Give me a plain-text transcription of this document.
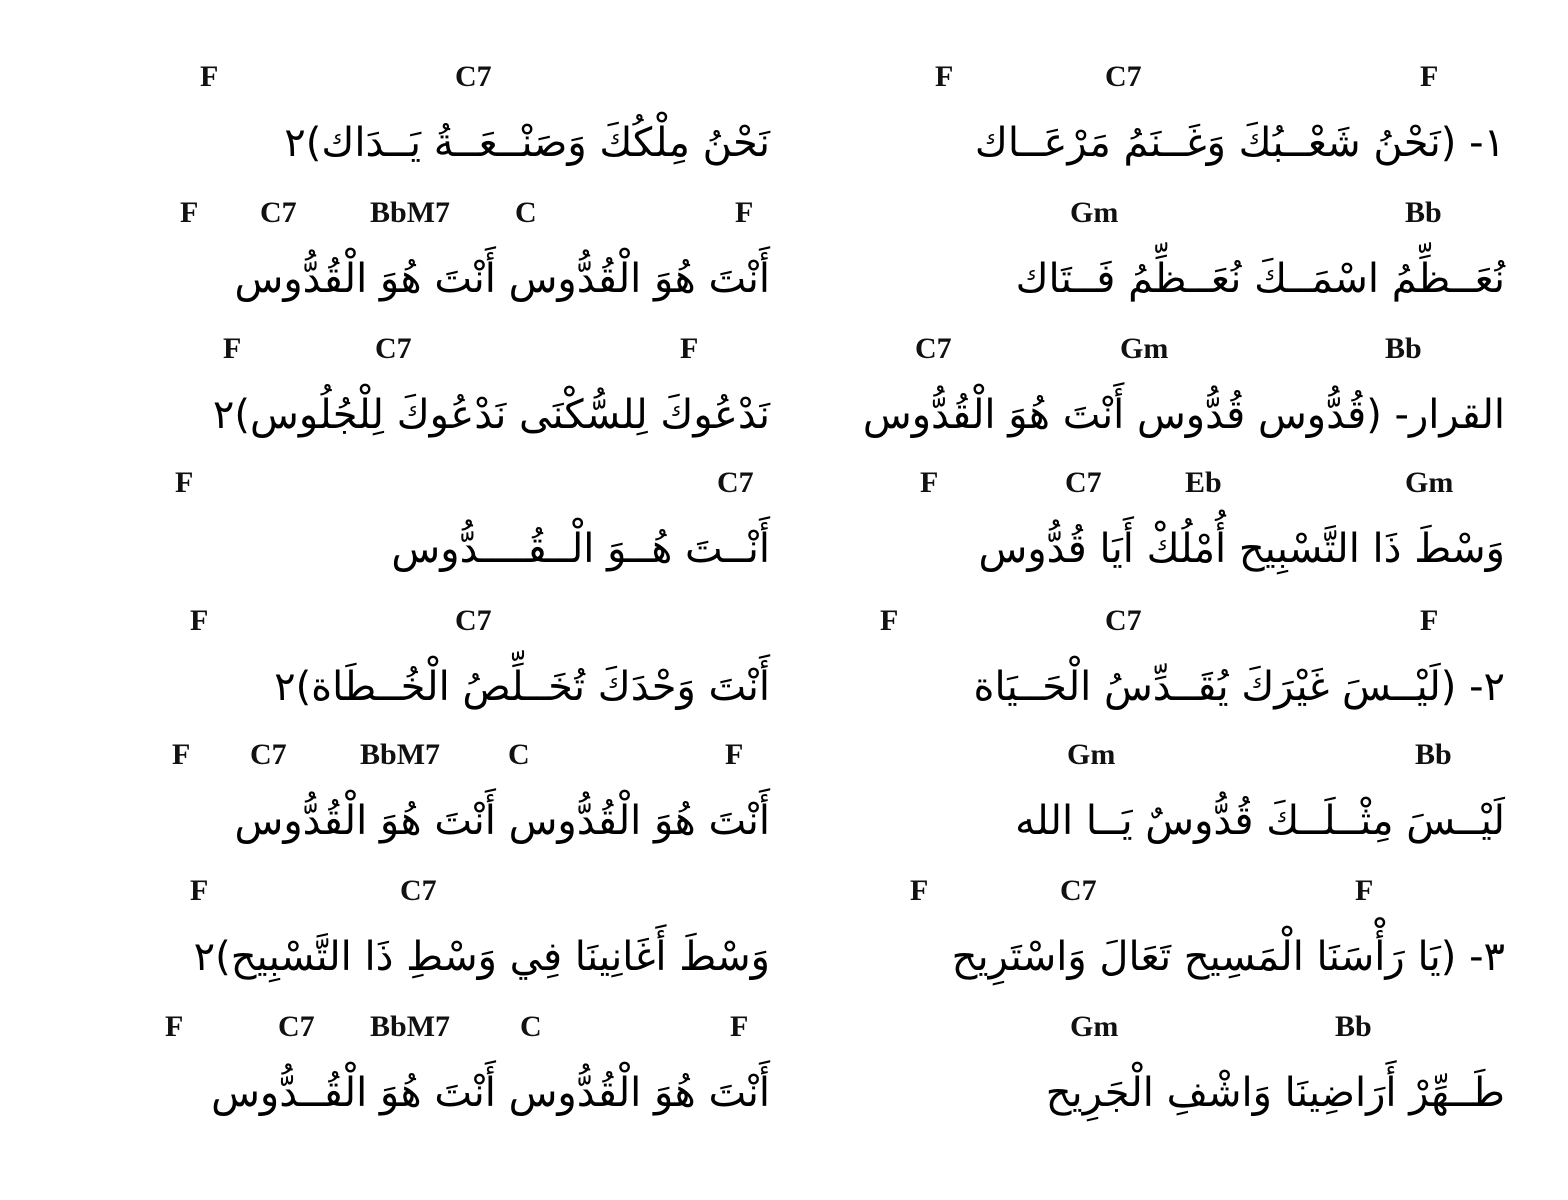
F	C7	F
١- (نَحْنُ شَعْــبُكَ وَغَــنَمُ مَرْعَــاك
Gm	Bb
نُعَــظِّمُ اسْمَــكَ نُعَــظِّمُ فَــتَاك
C7	Gm	Bb
القرار- (قُدُّوس قُدُّوس أَنْتَ هُوَ الْقُدُّوس
F	C7	Eb	Gm
وَسْطَ ذَا التَّسْبِيح أُمْلُكْ أَيَا قُدُّوس
F	C7	F
٢- (لَيْــسَ غَيْرَكَ يُقَــدِّسُ الْحَــيَاة
Gm	Bb
لَيْــسَ مِثْــلَــكَ قُدُّوسٌ يَــا الله
F	C7	F
٣- (يَا رَأْسَنَا الْمَسِيح تَعَالَ وَاسْتَرِيح
Gm	Bb
طَــهِّرْ أَرَاضِينَا وَاشْفِ الْجَرِيح
F	C7
نَحْنُ مِلْكُكَ وَصَنْــعَــةُ يَــدَاك)٢
F C7 BbM7 C	F
أَنْتَ هُوَ الْقُدُّوس أَنْتَ هُوَ الْقُدُّوس
F	C7	F
نَدْعُوكَ لِلسُّكْنَى نَدْعُوكَ لِلْجُلُوس)٢
F	C7
أَنْــتَ هُــوَ الْــقُــــدُّوس
F	C7
أَنْتَ وَحْدَكَ تُخَــلِّصُ الْخُــطَاة)٢
F C7 BbM7 C	F
أَنْتَ هُوَ الْقُدُّوس أَنْتَ هُوَ الْقُدُّوس
F	C7
وَسْطَ أَغَانِينَا فِي وَسْطِ ذَا التَّسْبِيح)٢
F	C7 BbM7 C	F
أَنْتَ هُوَ الْقُدُّوس أَنْتَ هُوَ الْقُــدُّوس
